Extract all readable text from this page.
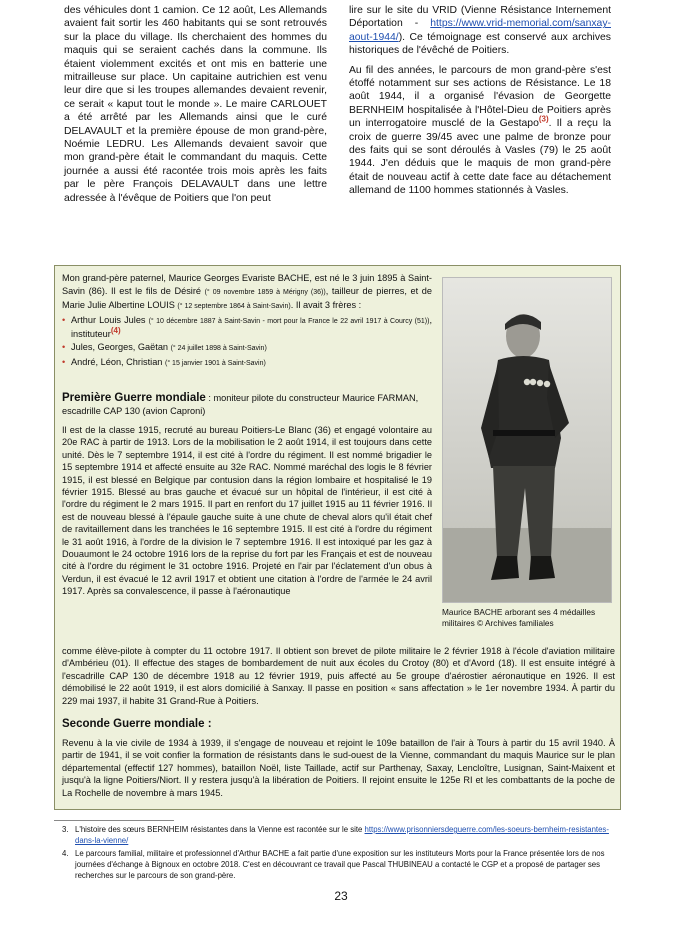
des véhicules dont 1 camion. Ce 12 août, Les Allemands avaient fait sortir les 460 habitants qui se sont retrouvés sur la place du village. Ils cherchaient des hommes du maquis qui se seraient cachés dans la commune. Ils étaient violemment excités et ont mis en batterie une mitrailleuse sur place. Un capitaine autrichien est venu leur dire que si les troupes allemandes devaient revenir, ce serait « kaput tout le monde ». Le maire CARLOUET a été arrêté par les Allemands ainsi que le curé DELAVAULT et la première épouse de mon grand-père, Noémie LEDRU. Les Allemands devaient savoir que mon grand-père était le commandant du maquis. Cette journée a aussi été racontée trois mois après les faits par le père François DELAVAULT dans une lettre adressée à l'évêque de Poitiers que l'on peut

lire sur le site du VRID (Vienne Résistance Internement Déportation - https://www.vrid-memorial.com/sanxay-aout-1944/). Ce témoignage est conservé aux archives historiques de l'évêché de Poitiers.

Au fil des années, le parcours de mon grand-père s'est étoffé notamment sur ses actions de Résistance. Le 18 août 1944, il a organisé l'évasion de Georgette BERNHEIM hospitalisée à l'Hôtel-Dieu de Poitiers après un interrogatoire musclé de la Gestapo$^{(3)}$. Il a reçu la croix de guerre 39/45 avec une palme de bronze pour des faits qui se sont déroulés à Vasles (79) le 25 août 1944. J'en déduis que le maquis de mon grand-père était de nouveau actif à cette date face au détachement allemand de 1100 hommes stationnés à Vasles.

Mon grand-père paternel, Maurice Georges Evariste BACHE, est né le 3 juin 1895 à Saint-Savin (86). Il est le fils de Désiré (° 09 novembre 1859 à Mérigny (36)), tailleur de pierres, et de Marie Julie Albertine LOUIS (° 12 septembre 1864 à Saint-Savin). Il avait 3 frères :

• Arthur Louis Jules (° 10 décembre 1887 à Saint-Savin - mort pour la France le 22 avril 1917 à Courcy (51)), instituteur(4)
• Jules, Georges, Gaëtan (° 24 juillet 1898 à Saint-Savin)
• André, Léon, Christian (° 15 janvier 1901 à Saint-Savin)
Première Guerre mondiale : moniteur pilote du constructeur Maurice FARMAN, escadrille CAP 130 (avion Caproni)
Il est de la classe 1915, recruté au bureau Poitiers-Le Blanc (36) et engagé volontaire au 20e RAC à partir de 1913. Lors de la mobilisation le 2 août 1914, il est toujours dans cette unité. Dès le 7 septembre 1914, il est cité à l'ordre du régiment. Il est nommé brigadier le 15 septembre 1914 et affecté ensuite au 32e RAC. Nommé maréchal des logis le 8 février 1915, il est blessé en Belgique par contusion dans la région lombaire et hospitalisé le 19 février 1915. Blessé au bras gauche et évacué sur un hôpital de l'intérieur, il est cité à l'ordre du régiment le 2 mars 1915. Il part en renfort du 17 juillet 1915 au 11 février 1916. Il est de nouveau blessé à l'épaule gauche suite à une chute de cheval alors qu'il était chef de ravitaillement dans les tranchées le 16 septembre 1915. Il est cité à l'ordre du régiment le 31 août 1916, à l'ordre de la division le 7 septembre 1916. Il est intoxiqué par les gaz à Douaumont le 24 octobre 1916 lors de la reprise du fort par les Français et est de nouveau cité à l'ordre du régiment le 31 octobre 1916. Projeté en l'air par l'éclatement d'un obus à Verdun, il est évacué le 12 avril 1917 et obtient une citation à l'ordre de l'armée le 24 avril 1917. Après sa convalescence, il passe à l'aéronautique
comme élève-pilote à compter du 11 octobre 1917. Il obtient son brevet de pilote militaire le 2 février 1918 à l'école d'aviation militaire d'Ambérieu (01). Il effectue des stages de bombardement de nuit aux écoles du Crotoy (80) et d'Avord (18). Il est ensuite intégré à l'escadrille CAP 130 de décembre 1918 au 12 février 1919, puis affecté au 5e groupe d'aérostier aéronautique en 1926. Il est démobilisé le 22 août 1919, il est alors domicilié à Sanxay. Il passe en position « sans affectation » le 1er novembre 1934. À partir du 229 mai 1937, il habite 31 Grand-Rue à Poitiers.
Seconde Guerre mondiale :
Revenu à la vie civile de 1934 à 1939, il s'engage de nouveau et rejoint le 109e bataillon de l'air à Tours à partir du 15 avril 1940. À partir de 1941, il se voit confier la formation de résistants dans le sud-ouest de la Vienne, commandant du maquis Maurice sur le plan départemental (effectif 127 hommes), bataillon Noël, liste Taillade, actif sur Parthenay, Saxay, Lencloître, Lusignan, Saint-Maixent et jusqu'à la ligne Poitiers/Niort. Il y restera jusqu'à la libération de Poitiers. Il rejoint ensuite le 125e RI et les combattants de la poche de La Rochelle de novembre à mars 1945.
Maurice BACHE arborant ses 4 médailles militaires © Archives familiales
3. L'histoire des sœurs BERNHEIM résistantes dans la Vienne est racontée sur le site https://www.prisonniersdeguerre.com/les-soeurs-bernheim-resistantes-dans-la-vienne/
4. Le parcours familial, militaire et professionnel d'Arthur BACHE a fait partie d'une exposition sur les instituteurs Morts pour la France présentée lors de nos journées d'échange à Bignoux en octobre 2018. C'est en découvrant ce travail que Pascal THUBINEAU a contacté le CGP et a proposé de partager ses recherches sur le parcours de son grand-père.
23
